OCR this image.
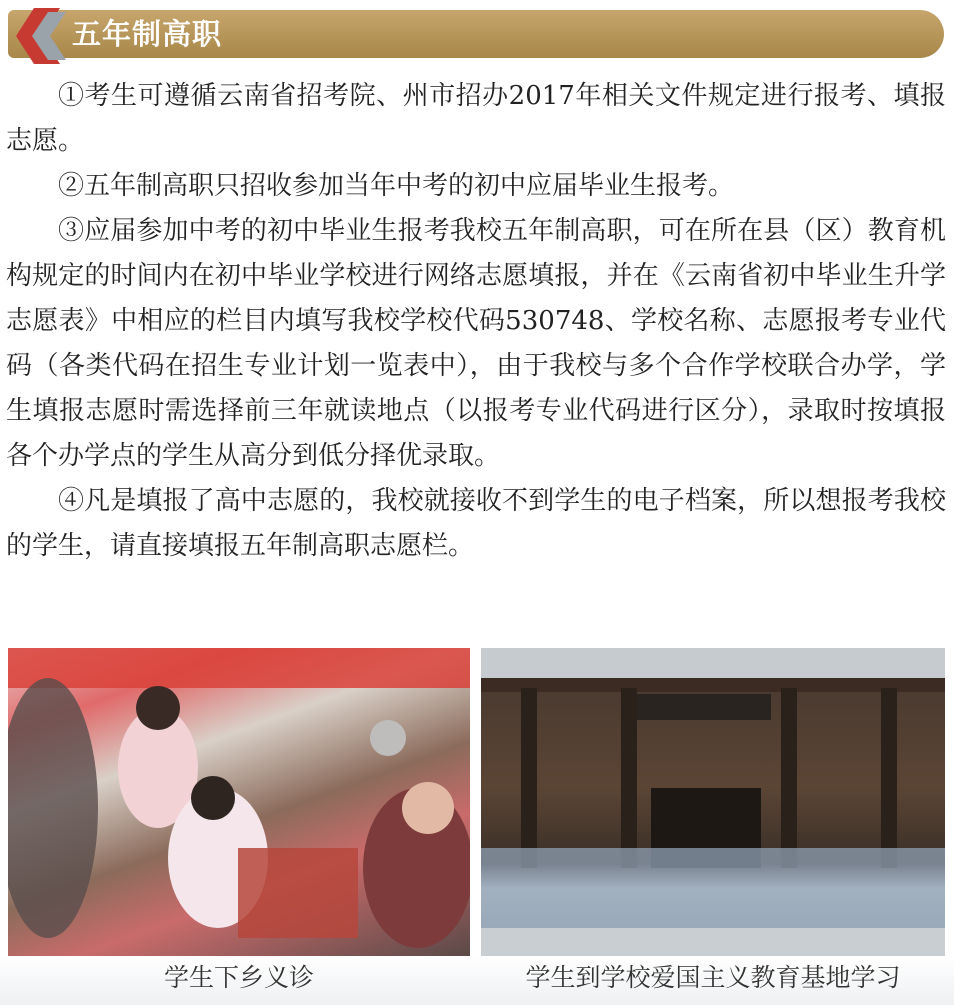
五年制高职

①考生可遵循云南省招考院、州市招办2017年相关文件规定进行报考、填报志愿。

②五年制高职只招收参加当年中考的初中应届毕业生报考。

③应届参加中考的初中毕业生报考我校五年制高职，可在所在县（区）教育机构规定的时间内在初中毕业学校进行网络志愿填报，并在《云南省初中毕业生升学志愿表》中相应的栏目内填写我校学校代码530748、学校名称、志愿报考专业代码（各类代码在招生专业计划一览表中），由于我校与多个合作学校联合办学，学生填报志愿时需选择前三年就读地点（以报考专业代码进行区分），录取时按填报各个办学点的学生从高分到低分择优录取。

④凡是填报了高中志愿的，我校就接收不到学生的电子档案，所以想报考我校的学生，请直接填报五年制高职志愿栏。

学生下乡义诊	学生到学校爱国主义教育基地学习
